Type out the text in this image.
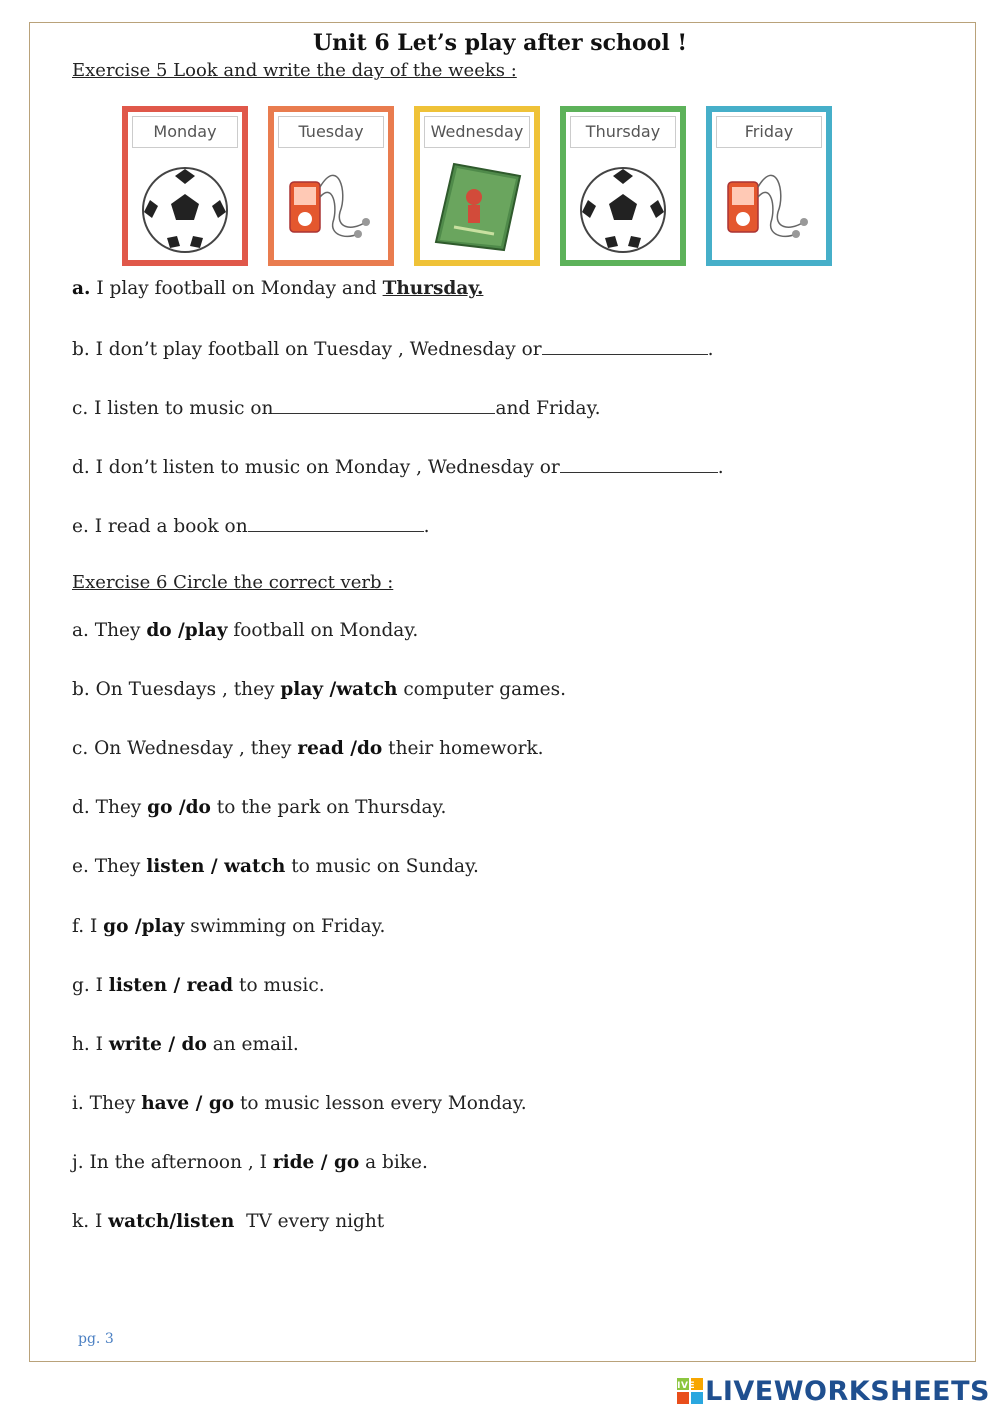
Unit 6 Let’s play after school !
Exercise 5 Look and write the day of the weeks :
Monday	Tuesday	Wednesday	Thursday	Friday
a. I play football on Monday and Thursday.
b. I don’t play football on Tuesday , Wednesday or	.
c. I listen to music on	and Friday.
d. I don’t listen to music on Monday , Wednesday or	.
e. I read a book on	.
Exercise 6 Circle the correct verb :
a. They do /play football on Monday.
b. On Tuesdays , they play /watch computer games.
c. On Wednesday , they read /do their homework.
d. They go /do to the park on Thursday.
e. They listen / watch to music on Sunday.
f. I go /play swimming on Friday.
g. I listen / read to music.
h. I write / do an email.
i. They have / go to music lesson every Monday.
j. In the afternoon , I ride / go a bike.
k. I watch/listen  TV every night
pg. 3
LIVE LIVEWORKSHEETS
